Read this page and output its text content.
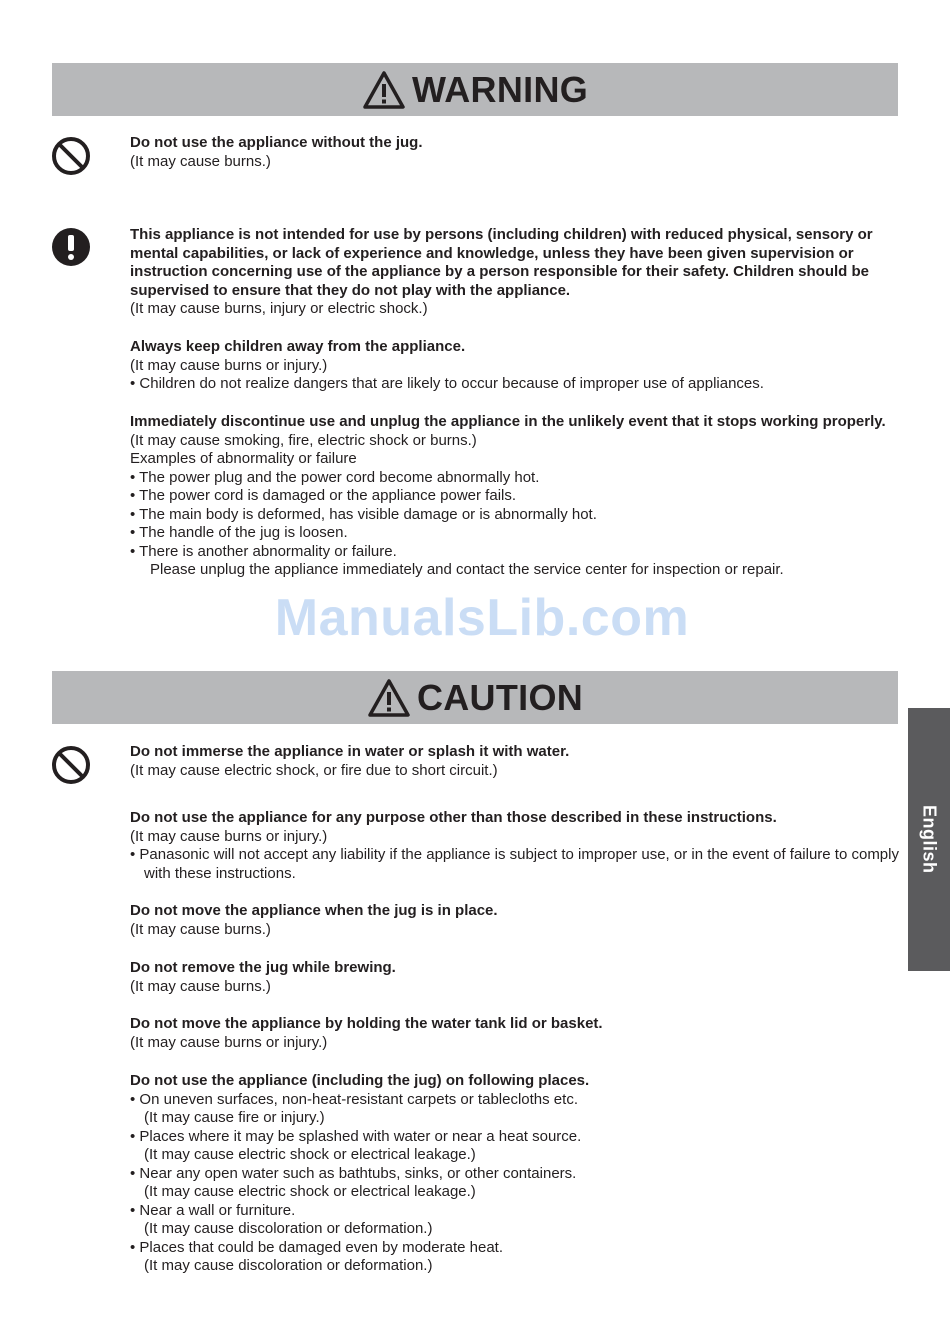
WARNING
Do not use the appliance without the jug.
(It may cause burns.)
This appliance is not intended for use by persons (including children) with reduced physical, sensory or mental capabilities, or lack of experience and knowledge, unless they have been given supervision or instruction concerning use of the appliance by a person responsible for their safety. Children should be supervised to ensure that they do not play with the appliance.
(It may cause burns, injury or electric shock.)
Always keep children away from the appliance.
(It may cause burns or injury.)
• Children do not realize dangers that are likely to occur because of improper use of appliances.
Immediately discontinue use and unplug the appliance in the unlikely event that it stops working properly.
(It may cause smoking, fire, electric shock or burns.)
Examples of abnormality or failure
• The power plug and the power cord become abnormally hot.
• The power cord is damaged or the appliance power fails.
• The main body is deformed, has visible damage or is abnormally hot.
• The handle of the jug is loosen.
• There is another abnormality or failure.
Please unplug the appliance immediately and contact the service center for inspection or repair.
ManualsLib.com
CAUTION
Do not immerse the appliance in water or splash it with water.
(It may cause electric shock, or fire due to short circuit.)
Do not use the appliance for any purpose other than those described in these instructions.
(It may cause burns or injury.)
• Panasonic will not accept any liability if the appliance is subject to improper use, or in the event of failure to comply with these instructions.
Do not move the appliance when the jug is in place.
(It may cause burns.)
Do not remove the jug while brewing.
(It may cause burns.)
Do not move the appliance by holding the water tank lid or basket.
(It may cause burns or injury.)
Do not use the appliance (including the jug) on following places.
• On uneven surfaces, non-heat-resistant carpets or tablecloths etc.
(It may cause fire or injury.)
• Places where it may be splashed with water or near a heat source.
(It may cause electric shock or electrical leakage.)
• Near any open water such as bathtubs, sinks, or other containers.
(It may cause electric shock or electrical leakage.)
• Near a wall or furniture.
(It may cause discoloration or deformation.)
• Places that could be damaged even by moderate heat.
(It may cause discoloration or deformation.)
English
